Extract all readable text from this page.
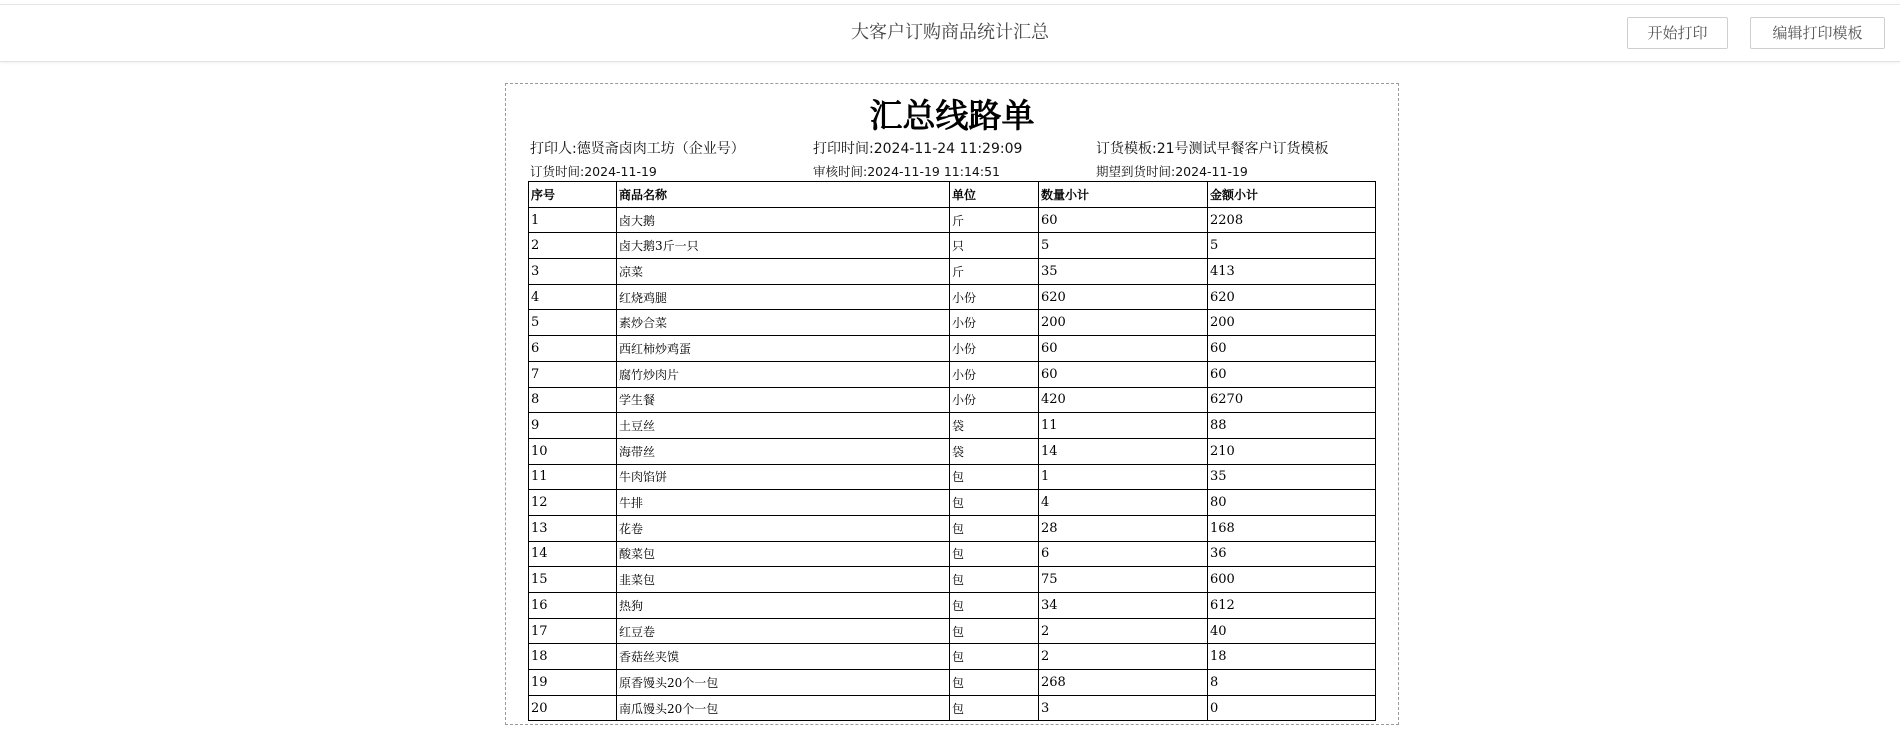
大客户订购商品统计汇总	开始打印	编辑打印模板
汇总线路单
打印人:德贤斋卤肉工坊（企业号）	打印时间:2024-11-24 11:29:09	订货模板:21号测试早餐客户订货模板
订货时间:2024-11-19	审核时间:2024-11-19 11:14:51	期望到货时间:2024-11-19
序号	商品名称	单位	数量小计	金额小计
1	卤大鹅	斤	60	2208
2	卤大鹅3斤一只	只	5	5
3	凉菜	斤	35	413
4	红烧鸡腿	小份	620	620
5	素炒合菜	小份	200	200
6	西红柿炒鸡蛋	小份	60	60
7	腐竹炒肉片	小份	60	60
8	学生餐	小份	420	6270
9	土豆丝	袋	11	88
10	海带丝	袋	14	210
11	牛肉馅饼	包	1	35
12	牛排	包	4	80
13	花卷	包	28	168
14	酸菜包	包	6	36
15	韭菜包	包	75	600
16	热狗	包	34	612
17	红豆卷	包	2	40
18	香菇丝夹馍	包	2	18
19	原香馒头20个一包	包	268	8
20	南瓜馒头20个一包	包	3	0
